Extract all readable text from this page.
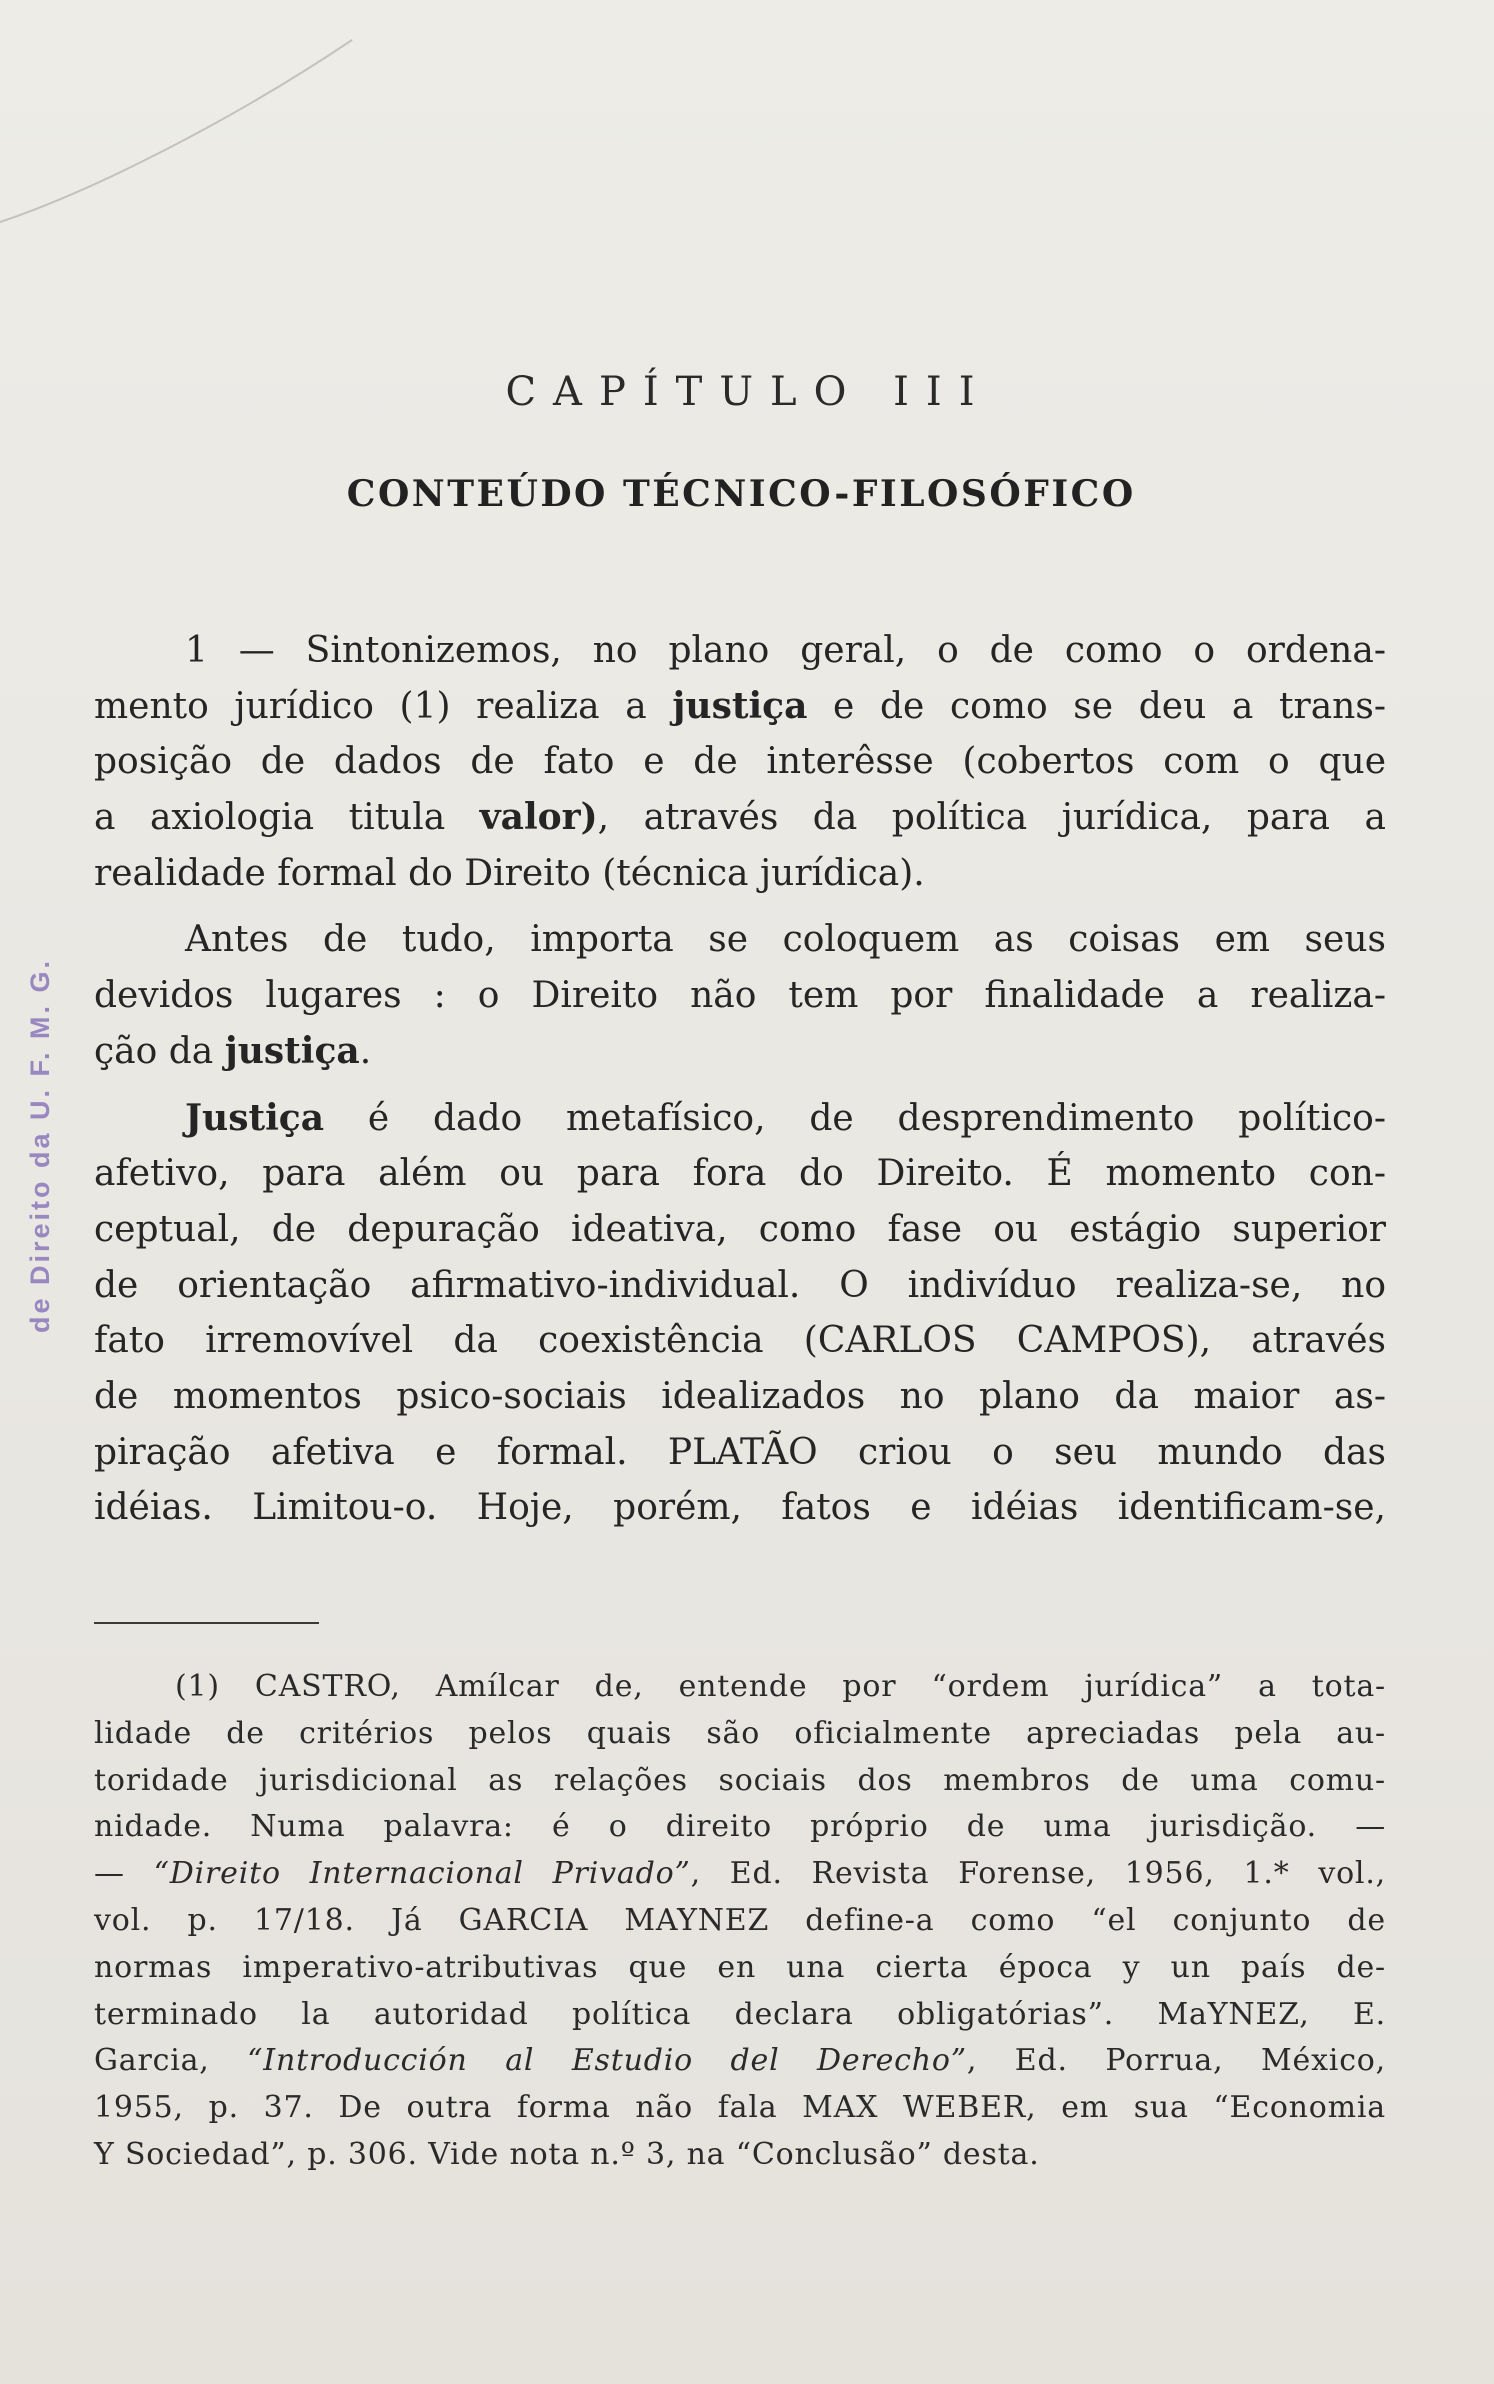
de Direito da U. F. M. G.
CAPÍTULO III
CONTEÚDO TÉCNICO-FILOSÓFICO
1 — Sintonizemos, no plano geral, o de como o ordena-
mento jurídico (1) realiza a justiça e de como se deu a trans-
posição de dados de fato e de interêsse (cobertos com o que
a axiologia titula valor), através da política jurídica, para a
realidade formal do Direito (técnica jurídica).
Antes de tudo, importa se coloquem as coisas em seus
devidos lugares : o Direito não tem por finalidade a realiza-
ção da justiça.
Justiça é dado metafísico, de desprendimento político-
afetivo, para além ou para fora do Direito. É momento con-
ceptual, de depuração ideativa, como fase ou estágio superior
de orientação afirmativo-individual. O indivíduo realiza-se, no
fato irremovível da coexistência (CARLOS CAMPOS), através
de momentos psico-sociais idealizados no plano da maior as-
piração afetiva e formal. PLATÃO criou o seu mundo das
idéias. Limitou-o. Hoje, porém, fatos e idéias identificam-se,
(1) CASTRO, Amílcar de, entende por “ordem jurídica” a tota-
lidade de critérios pelos quais são oficialmente apreciadas pela au-
toridade jurisdicional as relações sociais dos membros de uma comu-
nidade. Numa palavra: é o direito próprio de uma jurisdição. —
— “Direito Internacional Privado”, Ed. Revista Forense, 1956, 1.* vol.,
vol. p. 17/18. Já GARCIA MAYNEZ define-a como “el conjunto de
normas imperativo-atributivas que en una cierta época y un país de-
terminado la autoridad política declara obligatórias”. MaYNEZ, E.
Garcia, “Introducción al Estudio del Derecho”, Ed. Porrua, México,
1955, p. 37. De outra forma não fala MAX WEBER, em sua “Economia
Y Sociedad”, p. 306. Vide nota n.º 3, na “Conclusão” desta.
